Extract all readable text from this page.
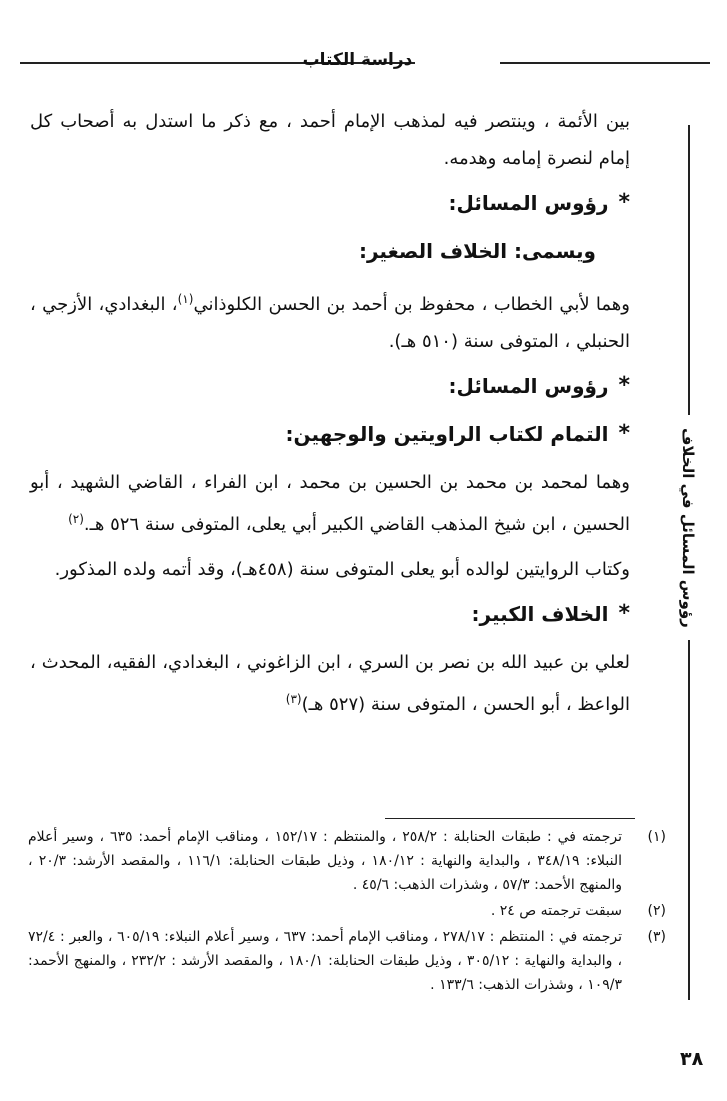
دراسة الكتاب
رؤوس المسائل في الخلاف

بين الأئمة ، وينتصر فيه لمذهب الإمام أحمد ، مع ذكر ما استدل به أصحاب كل إمام لنصرة إمامه وهدمه.

*
رؤوس المسائل:
ويسمى: الخلاف الصغير:

وهما لأبي الخطاب ، محفوظ بن أحمد بن الحسن الكلوذاني$^{(١)}$، البغدادي، الأزجي ، الحنبلي ، المتوفى سنة (٥١٠ هـ).

*
رؤوس المسائل:
*
التمام لكتاب الراويتين والوجهين:

وهما لمحمد بن محمد بن الحسين بن محمد ، ابن الفراء ، القاضي الشهيد ، أبو الحسين ، ابن شيخ المذهب القاضي الكبير أبي يعلى، المتوفى سنة ٥٢٦ هـ.$^{(٢)}$

وكتاب الروايتين لوالده أبو يعلى المتوفى سنة (٤٥٨هـ)، وقد أتمه ولده المذكور.

*
الخلاف الكبير:

لعلي بن عبيد الله بن نصر بن السري ، ابن الزاغوني ، البغدادي، الفقيه، المحدث ، الواعظ ، أبو الحسن ، المتوفى سنة (٥٢٧ هـ)$^{(٣)}$

(١)
ترجمته في : طبقات الحنابلة : ٢٥٨/٢ ، والمنتظم : ١٥٢/١٧ ، ومناقب الإمام أحمد: ٦٣٥ ، وسير أعلام النبلاء: ٣٤٨/١٩ ، والبداية والنهاية : ١٨٠/١٢ ، وذيل طبقات الحنابلة: ١١٦/١ ، والمقصد الأرشد: ٢٠/٣ ، والمنهج الأحمد: ٥٧/٣ ، وشذرات الذهب: ٤٥/٦ .
(٢)
سبقت ترجمته ص ٢٤ .
(٣)
ترجمته في : المنتظم : ٢٧٨/١٧ ، ومناقب الإمام أحمد: ٦٣٧ ، وسير أعلام النبلاء: ٦٠٥/١٩ ، والعبر : ٧٢/٤ ، والبداية والنهاية : ٣٠٥/١٢ ، وذيل طبقات الحنابلة: ١٨٠/١ ، والمقصد الأرشد : ٢٣٢/٢ ، والمنهج الأحمد: ١٠٩/٣ ، وشذرات الذهب: ١٣٣/٦ .
٣٨
